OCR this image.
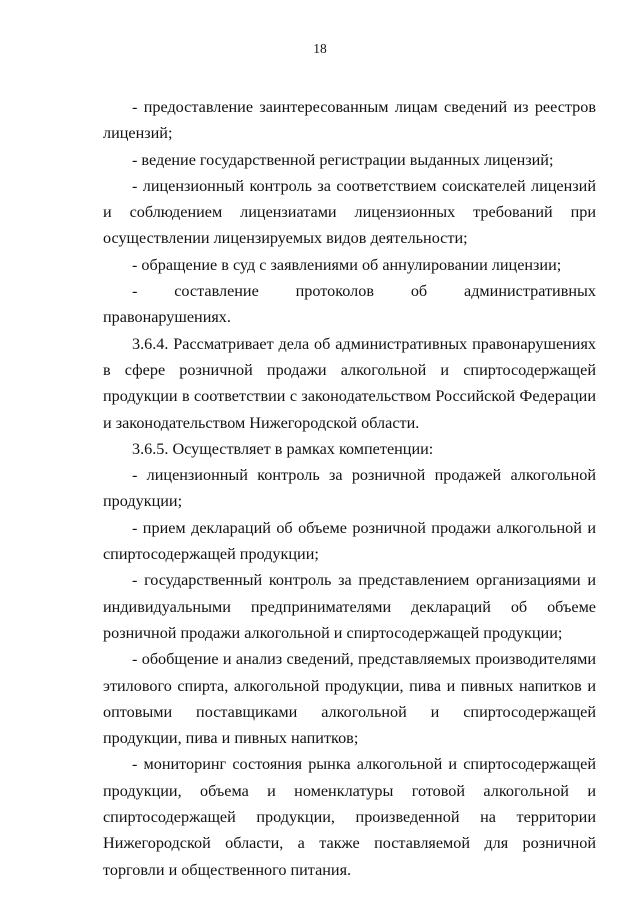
18

- предоставление заинтересованным лицам сведений из реестров лицензий;

- ведение государственной регистрации выданных лицензий;

- лицензионный контроль за соответствием соискателей лицензий и соблюдением лицензиатами лицензионных требований при осуществлении лицензируемых видов деятельности;

- обращение в суд с заявлениями об аннулировании лицензии;

- составление протоколов об административных правонарушениях.

3.6.4. Рассматривает дела об административных правонарушениях в сфере розничной продажи алкогольной и спиртосодержащей продукции в соответствии с законодательством Российской Федерации и законодательством Нижегородской области.

3.6.5. Осуществляет в рамках компетенции:

- лицензионный контроль за розничной продажей алкогольной продукции;

- прием деклараций об объеме розничной продажи алкогольной и спиртосодержащей продукции;

- государственный контроль за представлением организациями и индивидуальными предпринимателями деклараций об объеме розничной продажи алкогольной и спиртосодержащей продукции;

- обобщение и анализ сведений, представляемых производителями этилового спирта, алкогольной продукции, пива и пивных напитков и оптовыми поставщиками алкогольной и спиртосодержащей продукции, пива и пивных напитков;

- мониторинг состояния рынка алкогольной и спиртосодержащей продукции, объема и номенклатуры готовой алкогольной и спиртосодержащей продукции, произведенной на территории Нижегородской области, а также поставляемой для розничной торговли и общественного питания.
